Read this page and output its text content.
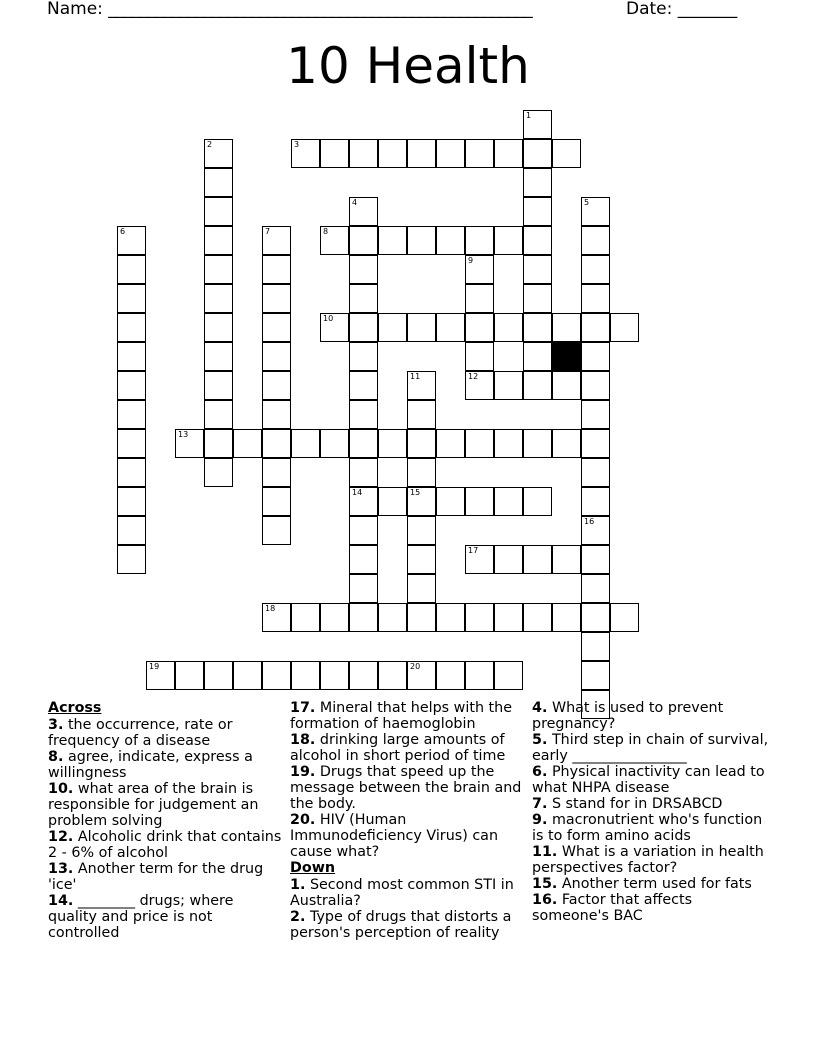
Name: _____________________________________________________	Date: _______
10 Health
3
8
10
12
13
14	15
17
18
19	20
1
2
4	5
16
6	7
9
11
Across
3. the occurrence, rate or frequency of a disease
8. agree, indicate, express a willingness
10. what area of the brain is responsible for judgement an problem solving
12. Alcoholic drink that contains 2 - 6% of alcohol
13. Another term for the drug 'ice'
14. ________ drugs; where quality and price is not controlled
17. Mineral that helps with the formation of haemoglobin
18. drinking large amounts of alcohol in short period of time
19. Drugs that speed up the message between the brain and the body.
20. HIV (Human Immunodeficiency Virus) can cause what?
Down
1. Second most common STI in Australia?
2. Type of drugs that distorts a person's perception of reality
4. What is used to prevent pregnancy?
5. Third step in chain of survival, early ________________
6. Physical inactivity can lead to what NHPA disease
7. S stand for in DRSABCD
9. macronutrient who's function is to form amino acids
11. What is a variation in health perspectives factor?
15. Another term used for fats
16. Factor that affects someone's BAC
